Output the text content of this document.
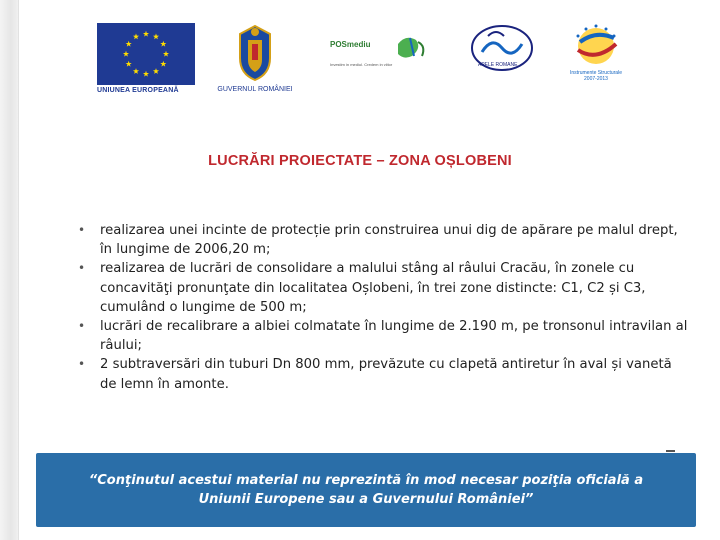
UNIUNEA EUROPEANĂ	GUVERNUL ROMÂNIEI
POSmediu
Investim in mediul. Credem in viitor	APELE ROMANE
Instrumente Structurale
2007-2013
LUCRĂRI PROIECTATE – ZONA OȘLOBENI
• realizarea unei incinte de protecție prin construirea unui dig de apărare pe malul drept, în lungime de 2006,20 m;
• realizarea de lucrări de consolidare a malului stâng al râului Cracău, în zonele cu concavităţi pronunţate din localitatea Oșlobeni, în trei zone distincte: C1, C2 și C3, cumulând o lungime de 500 m;
• lucrări de recalibrare a albiei colmatate în lungime de 2.190 m, pe tronsonul intravilan al râului;
• 2 subtraversări din tuburi Dn 800 mm, prevăzute cu clapetă antiretur în aval și vanetă de lemn în amonte.
“Conţinutul acestui material nu reprezintă în mod necesar poziţia oficială a Uniunii Europene sau a Guvernului României”
